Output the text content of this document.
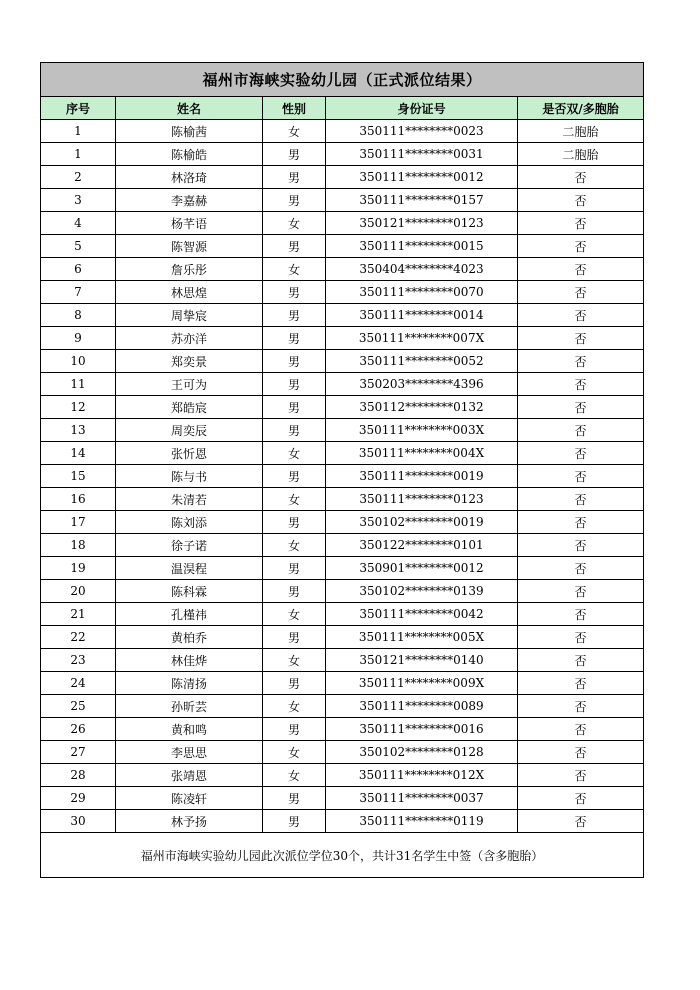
福州市海峡实验幼儿园（正式派位结果）				
序号	姓名	性别	身份证号	是否双/多胞胎
1	陈榆茜	女	350111********0023	二胞胎
1	陈榆皓	男	350111********0031	二胞胎
2	林洛琦	男	350111********0012	否
3	李嘉赫	男	350111********0157	否
4	杨芊语	女	350121********0123	否
5	陈智源	男	350111********0015	否
6	詹乐彤	女	350404********4023	否
7	林思煌	男	350111********0070	否
8	周挚宸	男	350111********0014	否
9	苏亦洋	男	350111********007X	否
10	郑奕景	男	350111********0052	否
11	王可为	男	350203********4396	否
12	郑皓宸	男	350112********0132	否
13	周奕辰	男	350111********003X	否
14	张忻恩	女	350111********004X	否
15	陈与书	男	350111********0019	否
16	朱清若	女	350111********0123	否
17	陈刘添	男	350102********0019	否
18	徐子诺	女	350122********0101	否
19	温淏程	男	350901********0012	否
20	陈科霖	男	350102********0139	否
21	孔槿祎	女	350111********0042	否
22	黄柏乔	男	350111********005X	否
23	林佳烨	女	350121********0140	否
24	陈清扬	男	350111********009X	否
25	孙昕芸	女	350111********0089	否
26	黄和鸣	男	350111********0016	否
27	李思思	女	350102********0128	否
28	张靖恩	女	350111********012X	否
29	陈凌轩	男	350111********0037	否
30	林予扬	男	350111********0119	否
福州市海峡实验幼儿园此次派位学位30个，共计31名学生中签（含多胞胎）				
